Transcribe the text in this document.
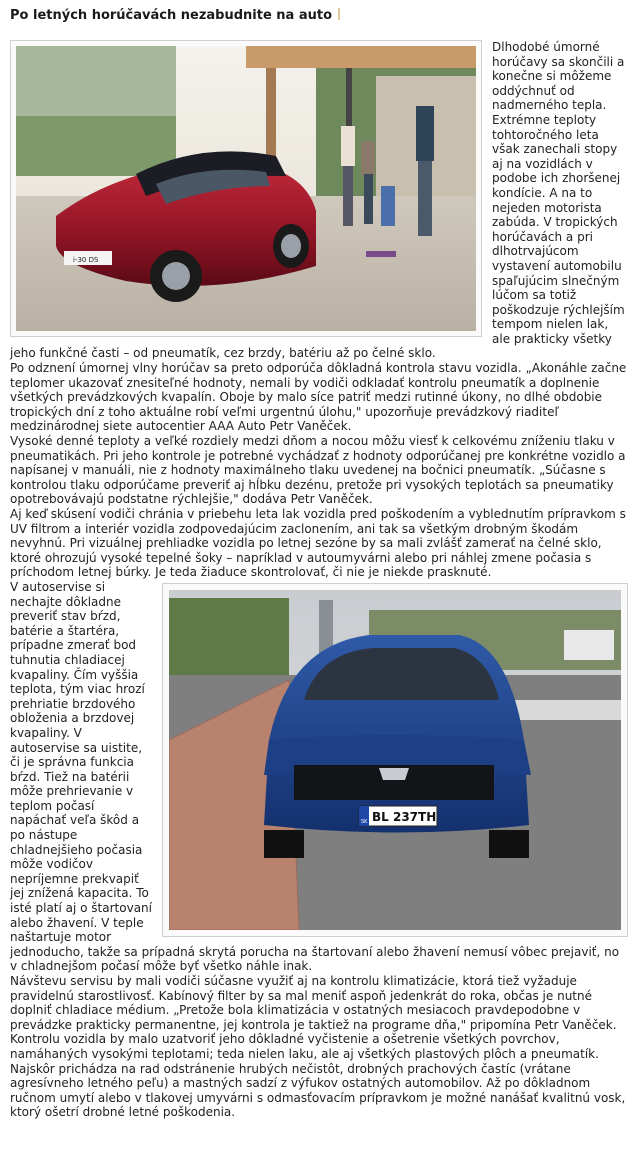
Po letných horúčavách nezabudnite na auto
i-30 DS

Dlhodobé úmorné horúčavy sa skončili a konečne si môžeme oddýchnuť od nadmerného tepla. Extrémne teploty tohtoročného leta však zanechali stopy aj na vozidlách v podobe ich zhoršenej kondície. A na to nejeden motorista zabúda. V tropických horúčavách a pri dlhotrvajúcom vystavení automobilu spaľujúcim slnečným lúčom sa totiž poškodzuje rýchlejším tempom nielen lak, ale prakticky všetky jeho funkčné časti – od pneumatík, cez brzdy, batériu až po čelné sklo.

Po odznení úmornej vlny horúčav sa preto odporúča dôkladná kontrola stavu vozidla. „Akonáhle začne teplomer ukazovať znesiteľné hodnoty, nemali by vodiči odkladať kontrolu pneumatík a doplnenie všetkých prevádzkových kvapalín. Oboje by malo síce patriť medzi rutinné úkony, no dlhé obdobie tropických dní z toho aktuálne robí veľmi urgentnú úlohu," upozorňuje prevádzkový riaditeľ medzinárodnej siete autocentier AAA Auto Petr Vaněček.

Vysoké denné teploty a veľké rozdiely medzi dňom a nocou môžu viesť k celkovému zníženiu tlaku v pneumatikách. Pri jeho kontrole je potrebné vychádzať z hodnoty odporúčanej pre konkrétne vozidlo a napísanej v manuáli, nie z hodnoty maximálneho tlaku uvedenej na bočnici pneumatík. „Súčasne s kontrolou tlaku odporúčame preveriť aj hĺbku dezénu, pretože pri vysokých teplotách sa pneumatiky opotrebovávajú podstatne rýchlejšie," dodáva Petr Vaněček.

Aj keď skúsení vodiči chránia v priebehu leta lak vozidla pred poškodením a vyblednutím prípravkom s UV filtrom a interiér vozidla zodpovedajúcim zaclonením, ani tak sa všetkým drobným škodám nevyhnú. Pri vizuálnej prehliadke vozidla po letnej sezóne by sa mali zvlášť zamerať na čelné sklo, ktoré ohrozujú vysoké tepelné šoky – napríklad v autoumyvárni alebo pri náhlej zmene počasia s príchodom letnej búrky. Je teda žiaduce skontrolovať, či nie je niekde prasknuté.

SK BL 237TH

V autoservise si nechajte dôkladne preveriť stav bŕzd, batérie a štartéra, prípadne zmerať bod tuhnutia chladiacej kvapaliny. Čím vyššia teplota, tým viac hrozí prehriatie brzdového obloženia a brzdovej kvapaliny. V autoservise sa uistite, či je správna funkcia bŕzd. Tiež na batérii môže prehrievanie v teplom počasí napáchať veľa škôd a po nástupe chladnejšieho počasia môže vodičov nepríjemne prekvapiť jej znížená kapacita. To isté platí aj o štartovaní alebo žhavení. V teple naštartuje motor jednoducho, takže sa prípadná skrytá porucha na štartovaní alebo žhavení nemusí vôbec prejaviť, no v chladnejšom počasí môže byť všetko náhle inak.

Návštevu servisu by mali vodiči súčasne využiť aj na kontrolu klimatizácie, ktorá tiež vyžaduje pravidelnú starostlivosť. Kabínový filter by sa mal meniť aspoň jedenkrát do roka, občas je nutné doplniť chladiace médium. „Pretože bola klimatizácia v ostatných mesiacoch pravdepodobne v prevádzke prakticky permanentne, jej kontrola je taktiež na programe dňa," pripomína Petr Vaněček.

Kontrolu vozidla by malo uzatvoriť jeho dôkladné vyčistenie a ošetrenie všetkých povrchov, namáhaných vysokými teplotami; teda nielen laku, ale aj všetkých plastových plôch a pneumatík. Najskôr prichádza na rad odstránenie hrubých nečistôt, drobných prachových častíc (vrátane agresívneho letného peľu) a mastných sadzí z výfukov ostatných automobilov. Až po dôkladnom ručnom umytí alebo v tlakovej umyvárni s odmasťovacím prípravkom je možné nanášať kvalitnú vosk, ktorý ošetrí drobné letné poškodenia.
